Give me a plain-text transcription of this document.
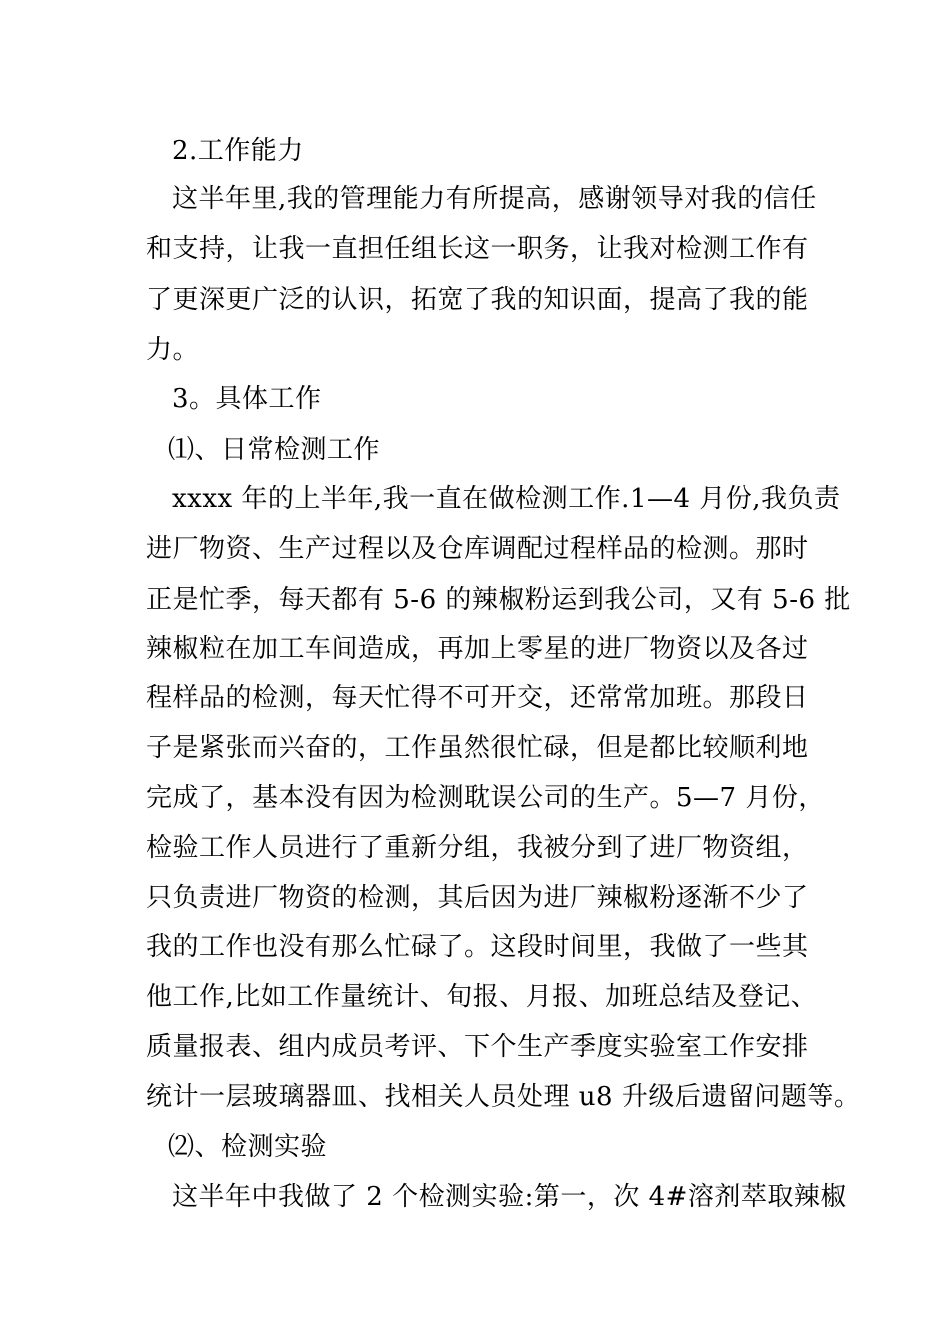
2.工作能力
这半年里,我的管理能力有所提高，感谢领导对我的信任
和支持，让我一直担任组长这一职务，让我对检测工作有
了更深更广泛的认识，拓宽了我的知识面，提高了我的能
力。
3。具体工作
⑴、日常检测工作
xxxx 年的上半年,我一直在做检测工作.1—4 月份,我负责
进厂物资、生产过程以及仓库调配过程样品的检测。那时
正是忙季，每天都有 5-6 的辣椒粉运到我公司，又有 5-6 批
辣椒粒在加工车间造成，再加上零星的进厂物资以及各过
程样品的检测，每天忙得不可开交，还常常加班。那段日
子是紧张而兴奋的，工作虽然很忙碌，但是都比较顺利地
完成了，基本没有因为检测耽误公司的生产。5—7 月份，
检验工作人员进行了重新分组，我被分到了进厂物资组，
只负责进厂物资的检测，其后因为进厂辣椒粉逐渐不少了
我的工作也没有那么忙碌了。这段时间里，我做了一些其
他工作,比如工作量统计、旬报、月报、加班总结及登记、
质量报表、组内成员考评、下个生产季度实验室工作安排
统计一层玻璃器皿、找相关人员处理 u8 升级后遗留问题等。
⑵、检测实验
这半年中我做了 2 个检测实验:第一，次 4#溶剂萃取辣椒
